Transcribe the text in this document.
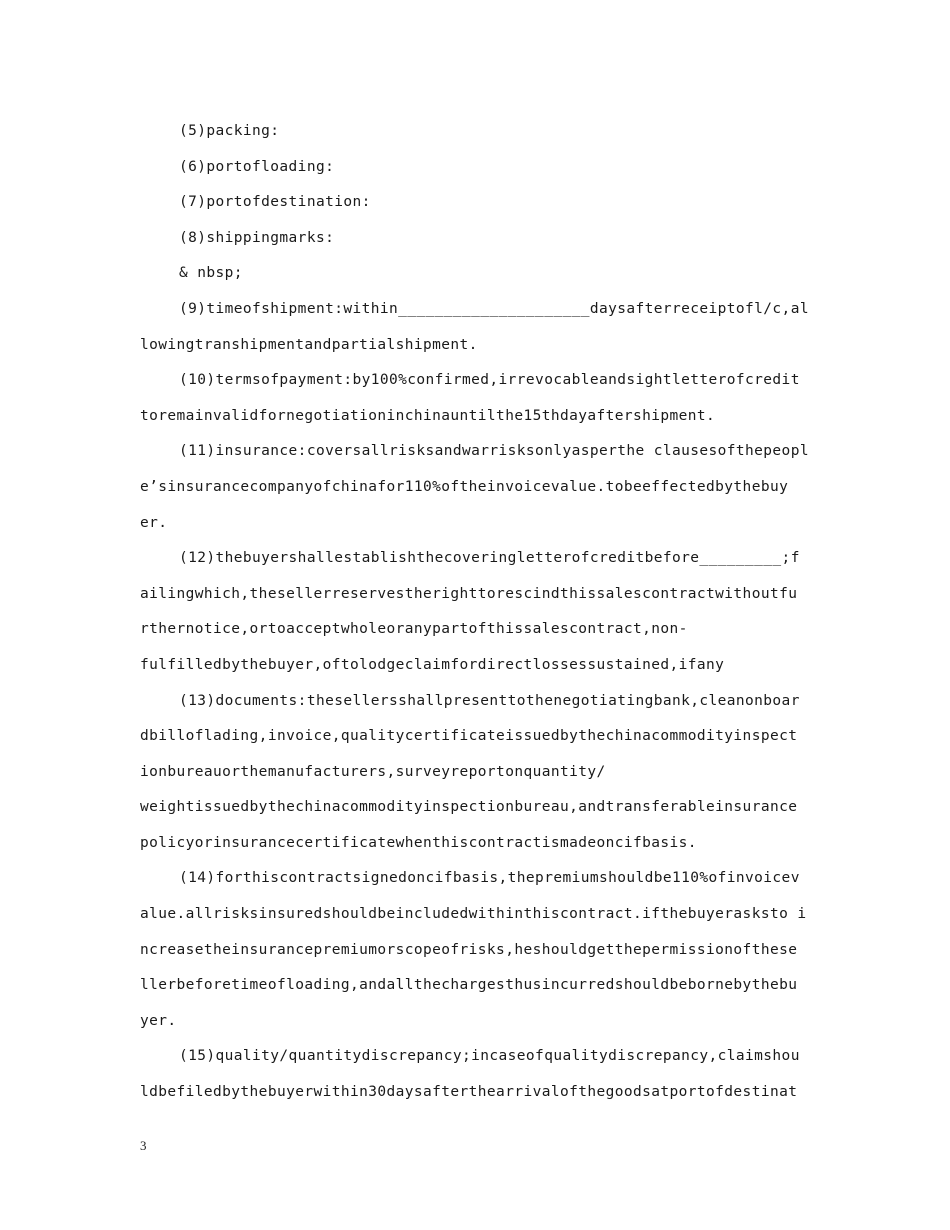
(5)packing:
(6)portofloading:
(7)portofdestination:
(8)shippingmarks:
& nbsp;
(9)timeofshipment:within_____________________daysafterreceiptofl/c,al
lowingtranshipmentandpartialshipment.
(10)termsofpayment:by100%confirmed,irrevocableandsightletterofcredit
toremainvalidfornegotiationinchinauntilthe15thdayaftershipment.
(11)insurance:coversallrisksandwarrisksonlyasperthe clausesofthepeopl
e’sinsurancecompanyofchinafor110%oftheinvoicevalue.tobeeffectedbythebuy
er.
(12)thebuyershallestablishthecoveringletterofcreditbefore_________;f
ailingwhich,thesellerreservestherighttorescindthissalescontractwithoutfu
rthernotice,ortoacceptwholeoranypartofthissalescontract,non-
fulfilledbythebuyer,oftolodgeclaimfordirectlossessustained,ifany
(13)documents:thesellersshallpresenttothenegotiatingbank,cleanonboar
dbilloflading,invoice,qualitycertificateissuedbythechinacommodityinspect
ionbureauorthemanufacturers,surveyreportonquantity/
weightissuedbythechinacommodityinspectionbureau,andtransferableinsurance
policyorinsurancecertificatewhenthiscontractismadeoncifbasis.
(14)forthiscontractsignedoncifbasis,thepremiumshouldbe110%ofinvoicev
alue.allrisksinsuredshouldbeincludedwithinthiscontract.ifthebuyerasksto i
ncreasetheinsurancepremiumorscopeofrisks,heshouldgetthepermissionofthese
llerbeforetimeofloading,andallthechargesthusincurredshouldbebornebythebu
yer.
(15)quality/quantitydiscrepancy;incaseofqualitydiscrepancy,claimshou
ldbefiledbythebuyerwithin30daysafterthearrivalofthegoodsatportofdestinat
3
